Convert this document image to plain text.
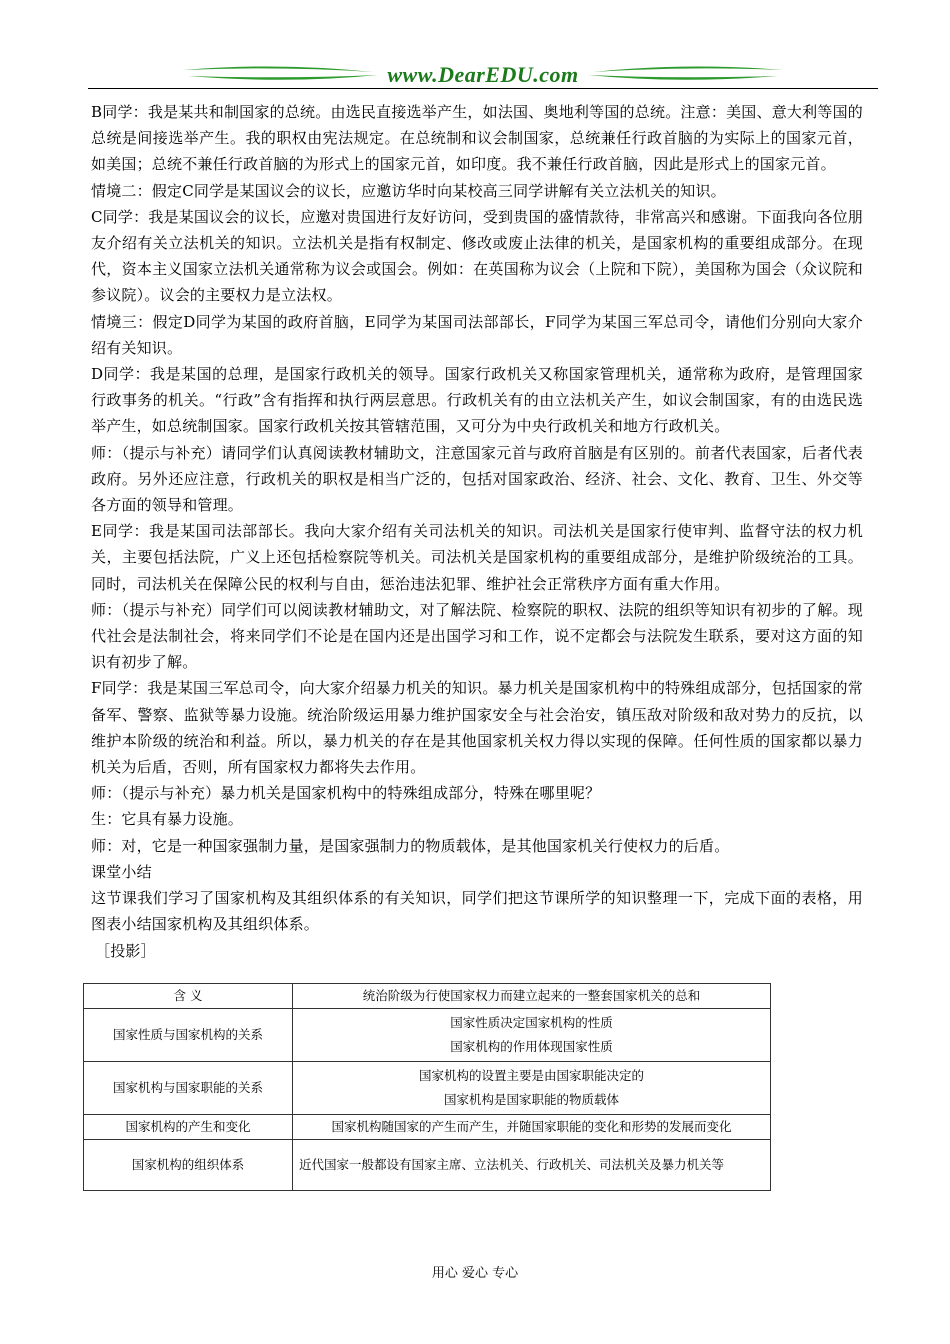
www.DearEDU.com

B同学：我是某共和制国家的总统。由选民直接选举产生，如法国、奥地利等国的总统。注意：美国、意大利等国的总统是间接选举产生。我的职权由宪法规定。在总统制和议会制国家，总统兼任行政首脑的为实际上的国家元首，如美国；总统不兼任行政首脑的为形式上的国家元首，如印度。我不兼任行政首脑，因此是形式上的国家元首。

情境二：假定C同学是某国议会的议长，应邀访华时向某校高三同学讲解有关立法机关的知识。

C同学：我是某国议会的议长，应邀对贵国进行友好访问，受到贵国的盛情款待，非常高兴和感谢。下面我向各位朋友介绍有关立法机关的知识。立法机关是指有权制定、修改或废止法律的机关，是国家机构的重要组成部分。在现代，资本主义国家立法机关通常称为议会或国会。例如：在英国称为议会（上院和下院），美国称为国会（众议院和参议院）。议会的主要权力是立法权。

情境三：假定D同学为某国的政府首脑，E同学为某国司法部部长，F同学为某国三军总司令，请他们分别向大家介绍有关知识。

D同学：我是某国的总理，是国家行政机关的领导。国家行政机关又称国家管理机关，通常称为政府，是管理国家行政事务的机关。“行政”含有指挥和执行两层意思。行政机关有的由立法机关产生，如议会制国家，有的由选民选举产生，如总统制国家。国家行政机关按其管辖范围，又可分为中央行政机关和地方行政机关。

师：（提示与补充）请同学们认真阅读教材辅助文，注意国家元首与政府首脑是有区别的。前者代表国家，后者代表政府。另外还应注意，行政机关的职权是相当广泛的，包括对国家政治、经济、社会、文化、教育、卫生、外交等各方面的领导和管理。

E同学：我是某国司法部部长。我向大家介绍有关司法机关的知识。司法机关是国家行使审判、监督守法的权力机关，主要包括法院，广义上还包括检察院等机关。司法机关是国家机构的重要组成部分，是维护阶级统治的工具。同时，司法机关在保障公民的权利与自由，惩治违法犯罪、维护社会正常秩序方面有重大作用。

师：（提示与补充）同学们可以阅读教材辅助文，对了解法院、检察院的职权、法院的组织等知识有初步的了解。现代社会是法制社会，将来同学们不论是在国内还是出国学习和工作，说不定都会与法院发生联系，要对这方面的知识有初步了解。

F同学：我是某国三军总司令，向大家介绍暴力机关的知识。暴力机关是国家机构中的特殊组成部分，包括国家的常备军、警察、监狱等暴力设施。统治阶级运用暴力维护国家安全与社会治安，镇压敌对阶级和敌对势力的反抗，以维护本阶级的统治和利益。所以，暴力机关的存在是其他国家机关权力得以实现的保障。任何性质的国家都以暴力机关为后盾，否则，所有国家权力都将失去作用。

师：（提示与补充）暴力机关是国家机构中的特殊组成部分，特殊在哪里呢？

生：它具有暴力设施。

师：对，它是一种国家强制力量，是国家强制力的物质载体，是其他国家机关行使权力的后盾。

课堂小结

这节课我们学习了国家机构及其组织体系的有关知识，同学们把这节课所学的知识整理一下，完成下面的表格，用图表小结国家机构及其组织体系。

［投影］

含 义	统治阶级为行使国家权力而建立起来的一整套国家机关的总和

国家性质与国家机构的关系	国家性质决定国家机构的性质
国家机构的作用体现国家性质

国家机构与国家职能的关系	国家机构的设置主要是由国家职能决定的
国家机构是国家职能的物质载体

国家机构的产生和变化	国家机构随国家的产生而产生，并随国家职能的变化和形势的发展而变化

国家机构的组织体系	近代国家一般都设有国家主席、立法机关、行政机关、司法机关及暴力机关等
用心 爱心 专心
